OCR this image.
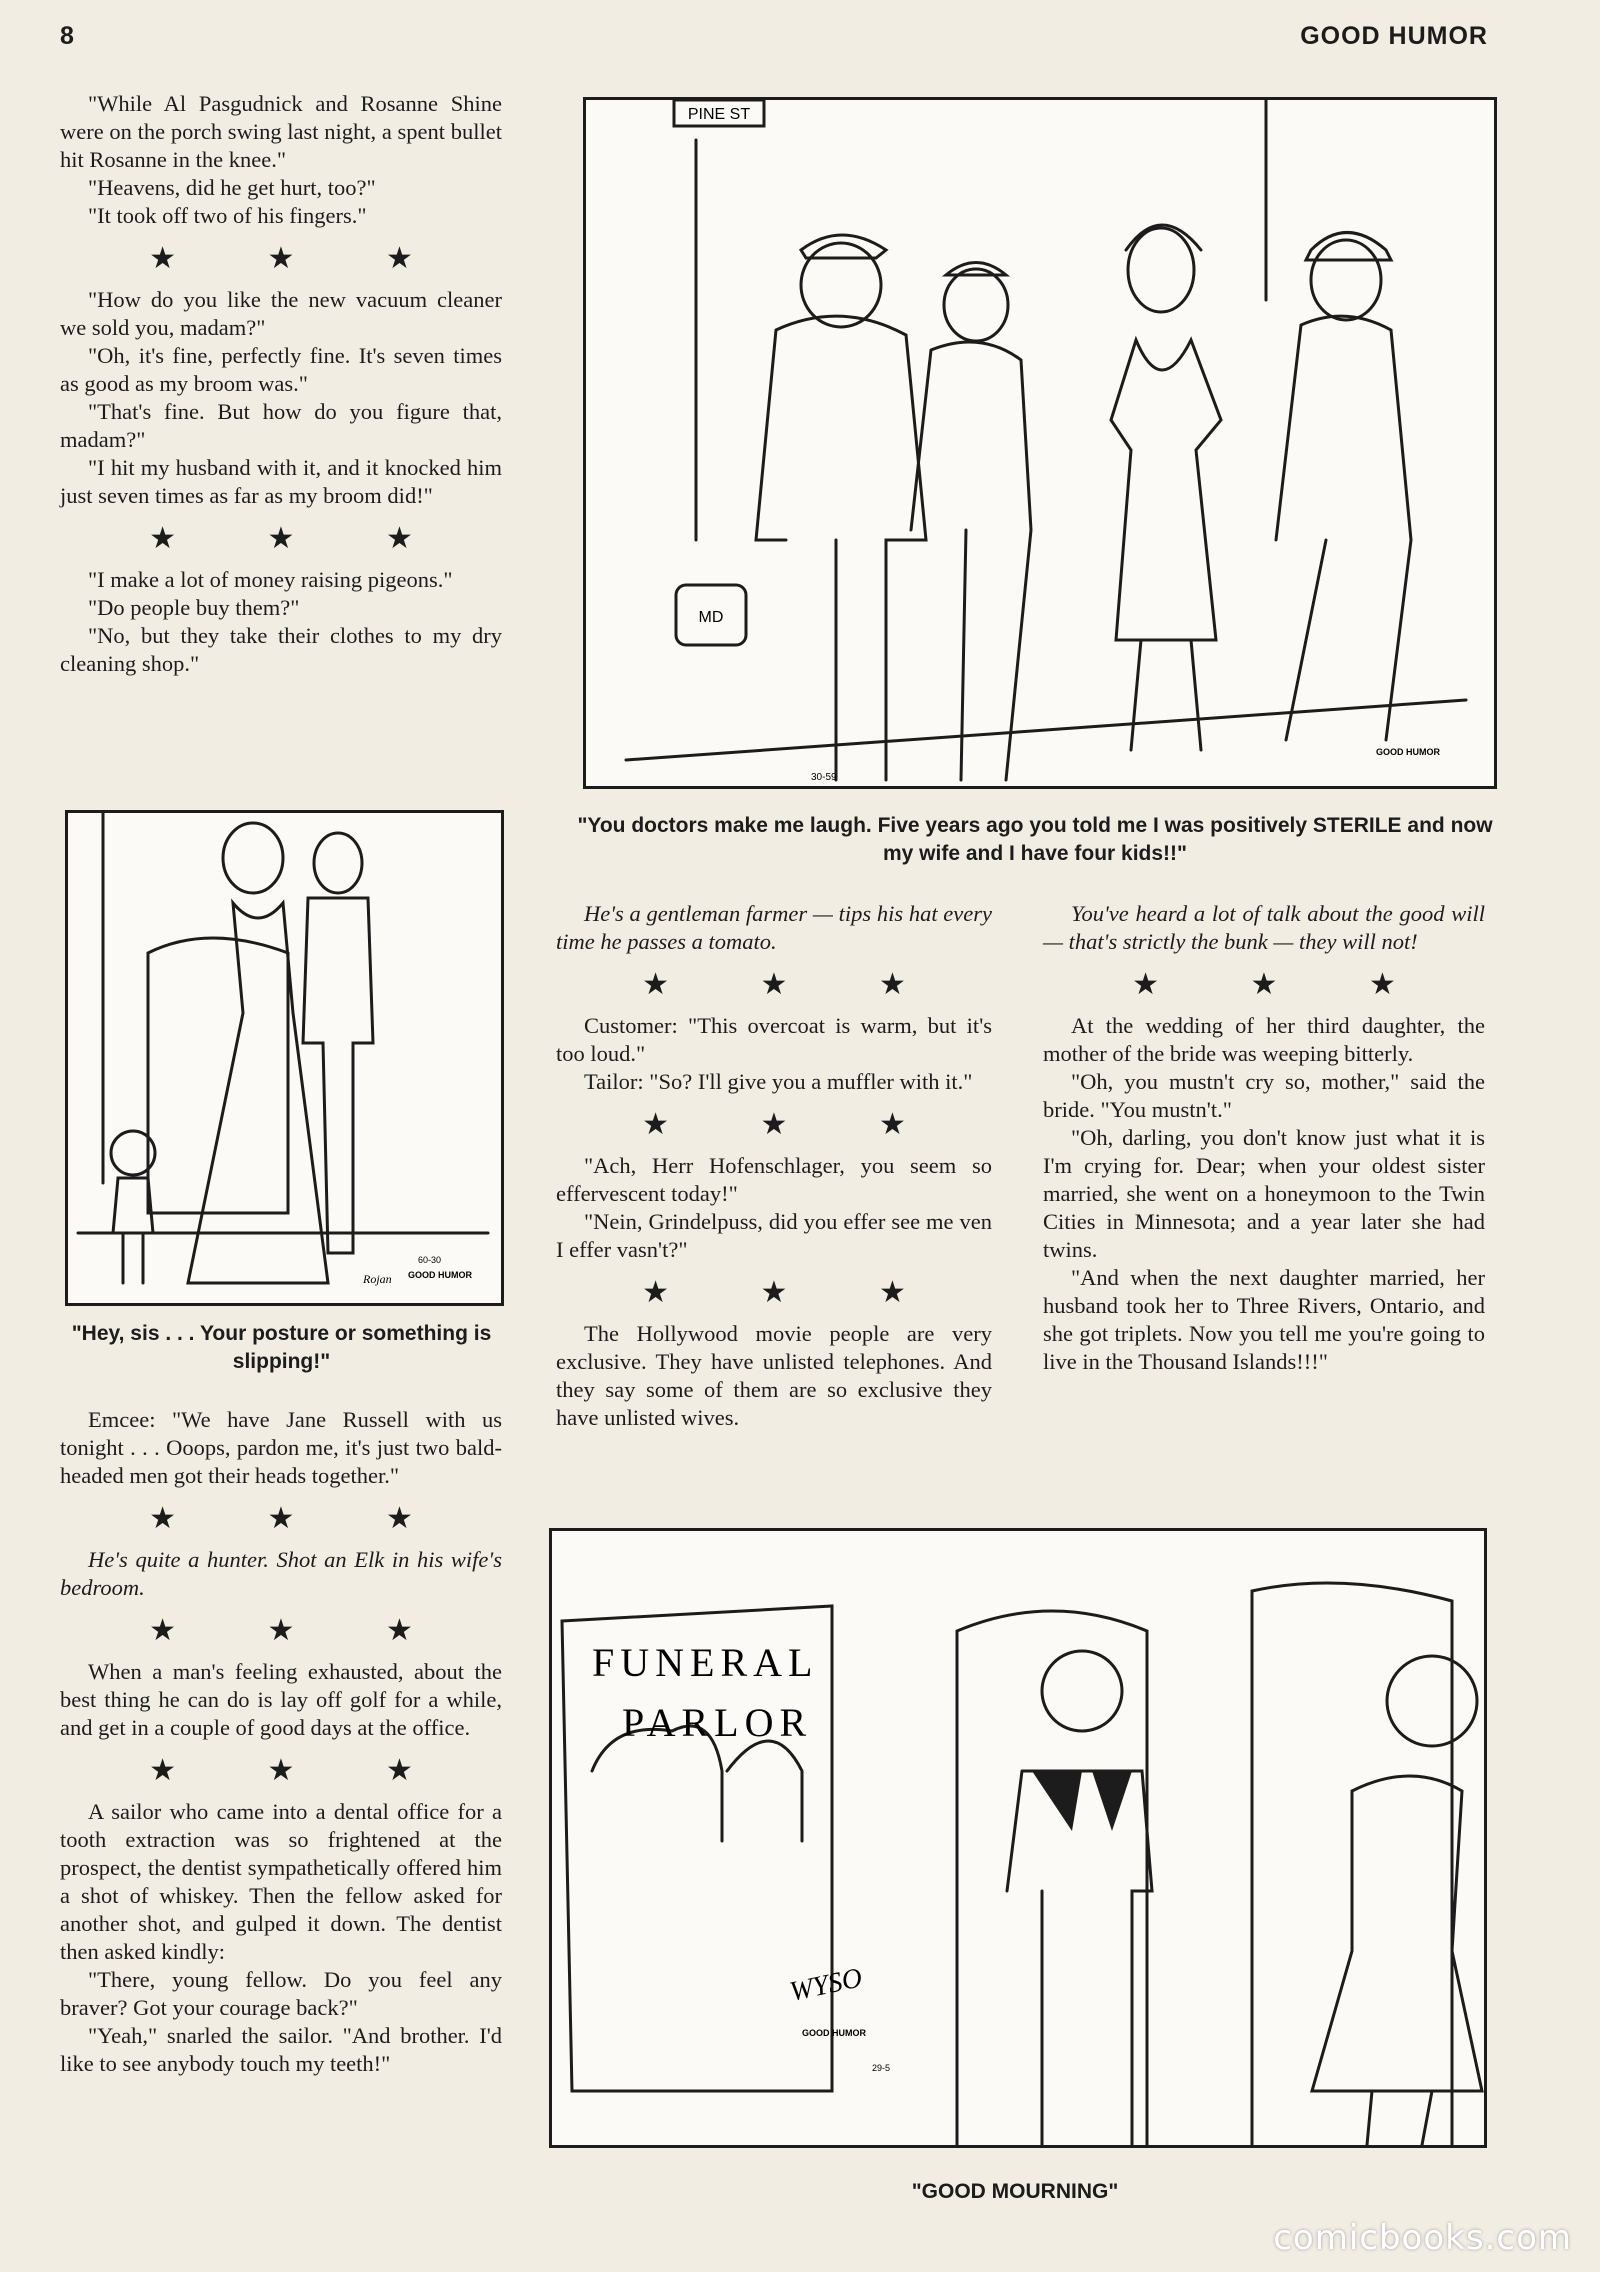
8	GOOD HUMOR

"While Al Pasgudnick and Rosanne Shine were on the porch swing last night, a spent bullet hit Rosanne in the knee."

"Heavens, did he get hurt, too?"

"It took off two of his fingers."

★ ★ ★

"How do you like the new vacuum cleaner we sold you, madam?"

"Oh, it's fine, perfectly fine. It's seven times as good as my broom was."

"That's fine. But how do you figure that, madam?"

"I hit my husband with it, and it knocked him just seven times as far as my broom did!"

★ ★ ★

"I make a lot of money raising pigeons."

"Do people buy them?"

"No, but they take their clothes to my dry cleaning shop."

PINE ST
MD
GOOD HUMOR
30-59
"You doctors make me laugh. Five years ago you told me I was positively STERILE and now my wife and I have four kids!!"
GOOD HUMOR
60-30
Rojan
"Hey, sis . . . Your posture or something is slipping!"

Emcee: "We have Jane Russell with us tonight . . . Ooops, pardon me, it's just two bald-headed men got their heads together."

★ ★ ★

He's quite a hunter. Shot an Elk in his wife's bedroom.

★ ★ ★

When a man's feeling exhausted, about the best thing he can do is lay off golf for a while, and get in a couple of good days at the office.

★ ★ ★

A sailor who came into a dental office for a tooth extraction was so frightened at the prospect, the dentist sympathetically offered him a shot of whiskey. Then the fellow asked for another shot, and gulped it down. The dentist then asked kindly:

"There, young fellow. Do you feel any braver? Got your courage back?"

"Yeah," snarled the sailor. "And brother. I'd like to see anybody touch my teeth!"

He's a gentleman farmer — tips his hat every time he passes a tomato.

★ ★ ★

Customer: "This overcoat is warm, but it's too loud."

Tailor: "So? I'll give you a muffler with it."

★ ★ ★

"Ach, Herr Hofenschlager, you seem so effervescent today!"

"Nein, Grindelpuss, did you effer see me ven I effer vasn't?"

★ ★ ★

The Hollywood movie people are very exclusive. They have unlisted telephones. And they say some of them are so exclusive they have unlisted wives.

You've heard a lot of talk about the good will — that's strictly the bunk — they will not!

★ ★ ★

At the wedding of her third daughter, the mother of the bride was weeping bitterly.

"Oh, you mustn't cry so, mother," said the bride. "You mustn't."

"Oh, darling, you don't know just what it is I'm crying for. Dear; when your oldest sister married, she went on a honeymoon to the Twin Cities in Minnesota; and a year later she had twins.

"And when the next daughter married, her husband took her to Three Rivers, Ontario, and she got triplets. Now you tell me you're going to live in the Thousand Islands!!!"

FUNERAL
PARLOR
WYSO
GOOD HUMOR
29-5
"GOOD MOURNING"
comicbooks.com
